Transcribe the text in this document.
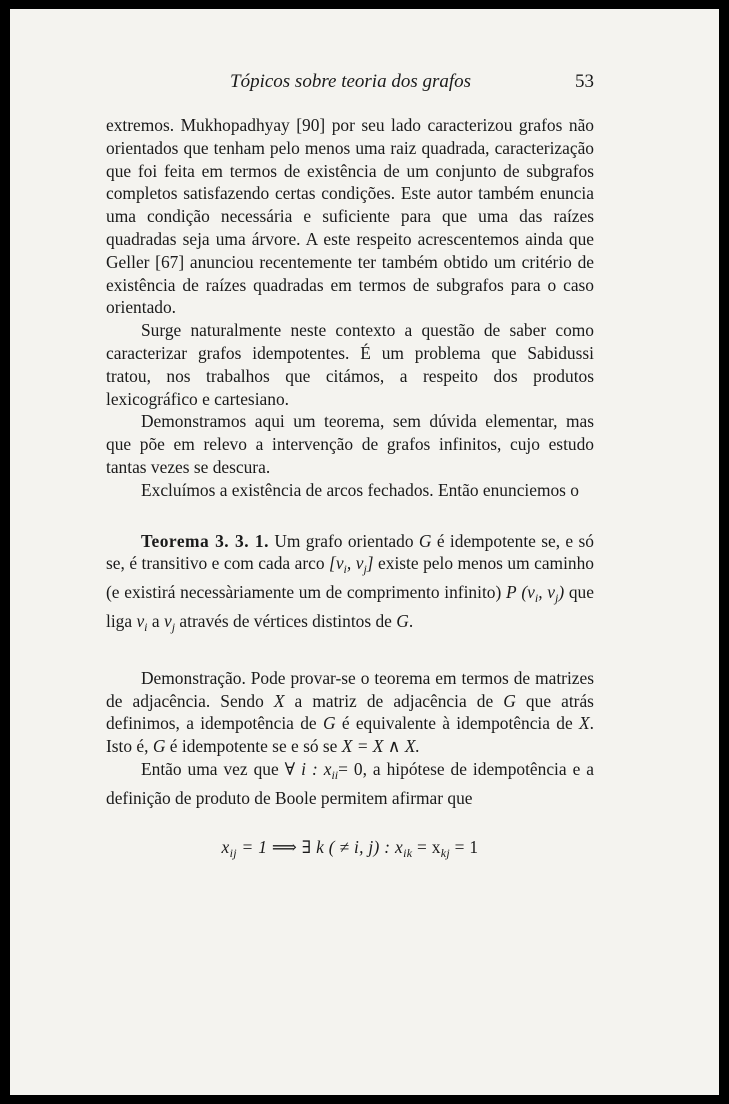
Tópicos sobre teoria dos grafos	53

extremos. Mukhopadhyay [90] por seu lado caracterizou grafos não orientados que tenham pelo menos uma raiz quadrada, caracterização que foi feita em termos de existência de um conjunto de subgrafos completos satisfazendo certas condições. Este autor também enuncia uma condição necessária e suficiente para que uma das raízes quadradas seja uma árvore. A este respeito acrescentemos ainda que Geller [67] anunciou recentemente ter também obtido um critério de existência de raízes quadradas em termos de subgrafos para o caso orientado.

Surge naturalmente neste contexto a questão de saber como caracterizar grafos idempotentes. É um problema que Sabidussi tratou, nos trabalhos que citámos, a respeito dos produtos lexicográfico e cartesiano.

Demonstramos aqui um teorema, sem dúvida elementar, mas que põe em relevo a intervenção de grafos infinitos, cujo estudo tantas vezes se descura.

Excluímos a existência de arcos fechados. Então enunciemos o

Teorema 3. 3. 1. Um grafo orientado G é idempotente se, e só se, é transitivo e com cada arco [$v_i$, $v_j$] existe pelo menos um caminho (e existirá necessàriamente um de comprimento infinito) P ($v_i$, $v_j$) que liga $v_i$ a $v_j$ através de vértices distintos de G.

Demonstração. Pode provar-se o teorema em termos de matrizes de adjacência. Sendo X a matriz de adjacência de G que atrás definimos, a idempotência de G é equivalente à idempotência de X. Isto é, G é idempotente se e só se X = X ∧ X.

Então uma vez que ∀ i : $x_{ii}= 0$, a hipótese de idempotência e a definição de produto de Boole permitem afirmar que

$x_{ij} = 1$ ⟹ ∃ k ( ≠ i, j) : $x_{ik} = x_{kj} = 1$
